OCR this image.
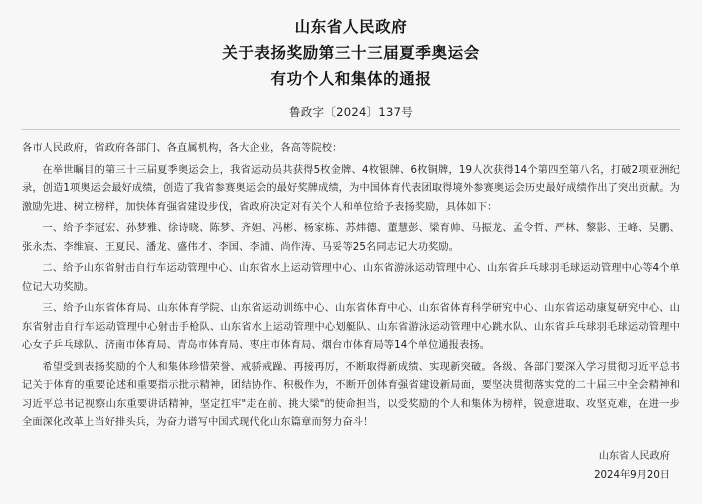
山东省人民政府
关于表扬奖励第三十三届夏季奥运会
有功个人和集体的通报
鲁政字〔2024〕137号

各市人民政府，省政府各部门、各直属机构，各大企业，各高等院校：

在举世瞩目的第三十三届夏季奥运会上，我省运动员共获得5枚金牌、4枚银牌、6枚铜牌，19人次获得14个第四至第八名，打破2项亚洲纪录，创造1项奥运会最好成绩，创造了我省参赛奥运会的最好奖牌成绩，为中国体育代表团取得境外参赛奥运会历史最好成绩作出了突出贡献。为激励先进、树立榜样，加快体育强省建设步伐，省政府决定对有关个人和单位给予表扬奖励，具体如下：

一、给予李冠宏、孙梦雅、徐诗晓、陈梦、齐妲、冯彬、杨家栋、苏炜德、董慧彭、梁育帅、马振龙、孟令哲、严林、黎影、王峰、吴鹏、张永杰、李维宸、王夏民、潘龙、盛伟才、李国、李浦、尚作涛、马妥等25名同志记大功奖励。

二、给予山东省射击自行车运动管理中心、山东省水上运动管理中心、山东省游泳运动管理中心、山东省乒乓球羽毛球运动管理中心等4个单位记大功奖励。

三、给予山东省体育局、山东体育学院、山东省运动训练中心、山东省体育中心、山东省体育科学研究中心、山东省运动康复研究中心、山东省射击自行车运动管理中心射击手枪队、山东省水上运动管理中心划艇队、山东省游泳运动管理中心跳水队、山东省乒乓球羽毛球运动管理中心女子乒乓球队、济南市体育局、青岛市体育局、枣庄市体育局、烟台市体育局等14个单位通报表扬。

希望受到表扬奖励的个人和集体珍惜荣誉、戒骄戒躁、再接再厉，不断取得新成绩、实现新突破。各级、各部门要深入学习贯彻习近平总书记关于体育的重要论述和重要指示批示精神，团结协作、积极作为，不断开创体育强省建设新局面，要坚决贯彻落实党的二十届三中全会精神和习近平总书记视察山东重要讲话精神，坚定扛牢"走在前、挑大梁"的使命担当，以受奖励的个人和集体为榜样，锐意进取、攻坚克难，在进一步全面深化改革上当好排头兵，为奋力谱写中国式现代化山东篇章而努力奋斗！

山东省人民政府
2024年9月20日
